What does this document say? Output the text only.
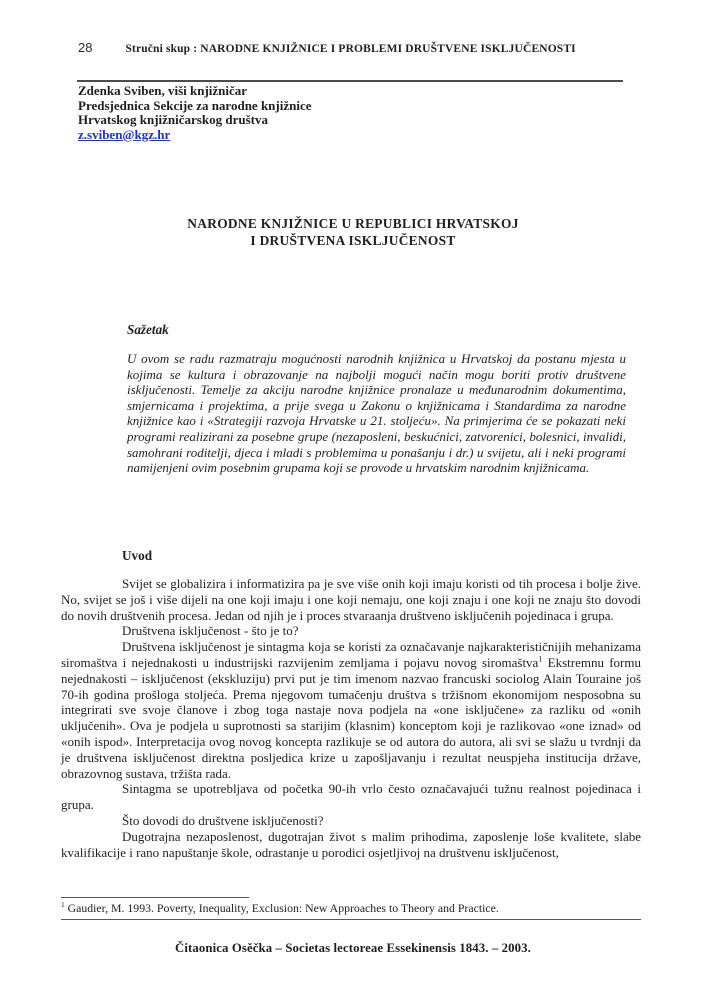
28	Stručni skup : NARODNE KNJIŽNICE I PROBLEMI DRUŠTVENE ISKLJUČENOSTI
Zdenka Sviben, viši knjižničar
Predsjednica Sekcije za narodne knjižnice
Hrvatskog knjižničarskog društva
z.sviben@kgz.hr
NARODNE KNJIŽNICE U REPUBLICI HRVATSKOJ
I DRUŠTVENA ISKLJUČENOST
Sažetak
U ovom se radu razmatraju mogućnosti narodnih knjižnica u Hrvatskoj da postanu mjesta u kojima se kultura i obrazovanje na najbolji mogući način mogu boriti protiv društvene isključenosti. Temelje za akciju narodne knjižnice pronalaze u međunarodnim dokumentima, smjernicama i projektima, a prije svega u Zakonu o knjižnicama i Standardima za narodne knjižnice kao i «Strategiji razvoja Hrvatske u 21. stoljeću». Na primjerima će se pokazati neki programi realizirani za posebne grupe (nezaposleni, beskućnici, zatvorenici, bolesnici, invalidi, samohrani roditelji, djeca i mladi s problemima u ponašanju i dr.) u svijetu, ali i neki programi namijenjeni ovim posebnim grupama koji se provode u hrvatskim narodnim knjižnicama.
Uvod

Svijet se globalizira i informatizira pa je sve više onih koji imaju koristi od tih procesa i bolje žive. No, svijet se još i više dijeli na one koji imaju i one koji nemaju, one koji znaju i one koji ne znaju što dovodi do novih društvenih procesa. Jedan od njih je i proces stvaraanja društveno isključenih pojedinaca i grupa.

Društvena isključenost - što je to?

Društvena isključenost je sintagma koja se koristi za označavanje najkarakterističnijih mehanizama siromaštva i nejednakosti u industrijski razvijenim zemljama i pojavu novog siromaštva$^1$ Ekstremnu formu nejednakosti – isključenost (ekskluziju) prvi put je tim imenom nazvao francuski sociolog Alain Touraine još 70-ih godina prošloga stoljeća. Prema njegovom tumačenju društva s tržišnom ekonomijom nesposobna su integrirati sve svoje članove i zbog toga nastaje nova podjela na «one isključene» za razliku od «onih uključenih». Ova je podjela u suprotnosti sa starijim (klasnim) konceptom koji je razlikovao «one iznad» od «onih ispod». Interpretacija ovog novog koncepta razlikuje se od autora do autora, ali svi se slažu u tvrdnji da je društvena isključenost direktna posljedica krize u zapošljavanju i rezultat neuspjeha institucija države, obrazovnog sustava, tržišta rada.

Sintagma se upotrebljava od početka 90-ih vrlo često označavajući tužnu realnost pojedinaca i grupa.

Što dovodi do društvene isključenosti?

Dugotrajna nezaposlenost, dugotrajan život s malim prihodima, zaposlenje loše kvalitete, slabe kvalifikacije i rano napuštanje škole, odrastanje u porodici osjetljivoj na društvenu isključenost,

$^1$ Gaudier, M. 1993. Poverty, Inequality, Exclusion: New Approaches to Theory and Practice.
Čitaonica Osěčka – Societas lectoreae Essekinensis 1843. – 2003.
